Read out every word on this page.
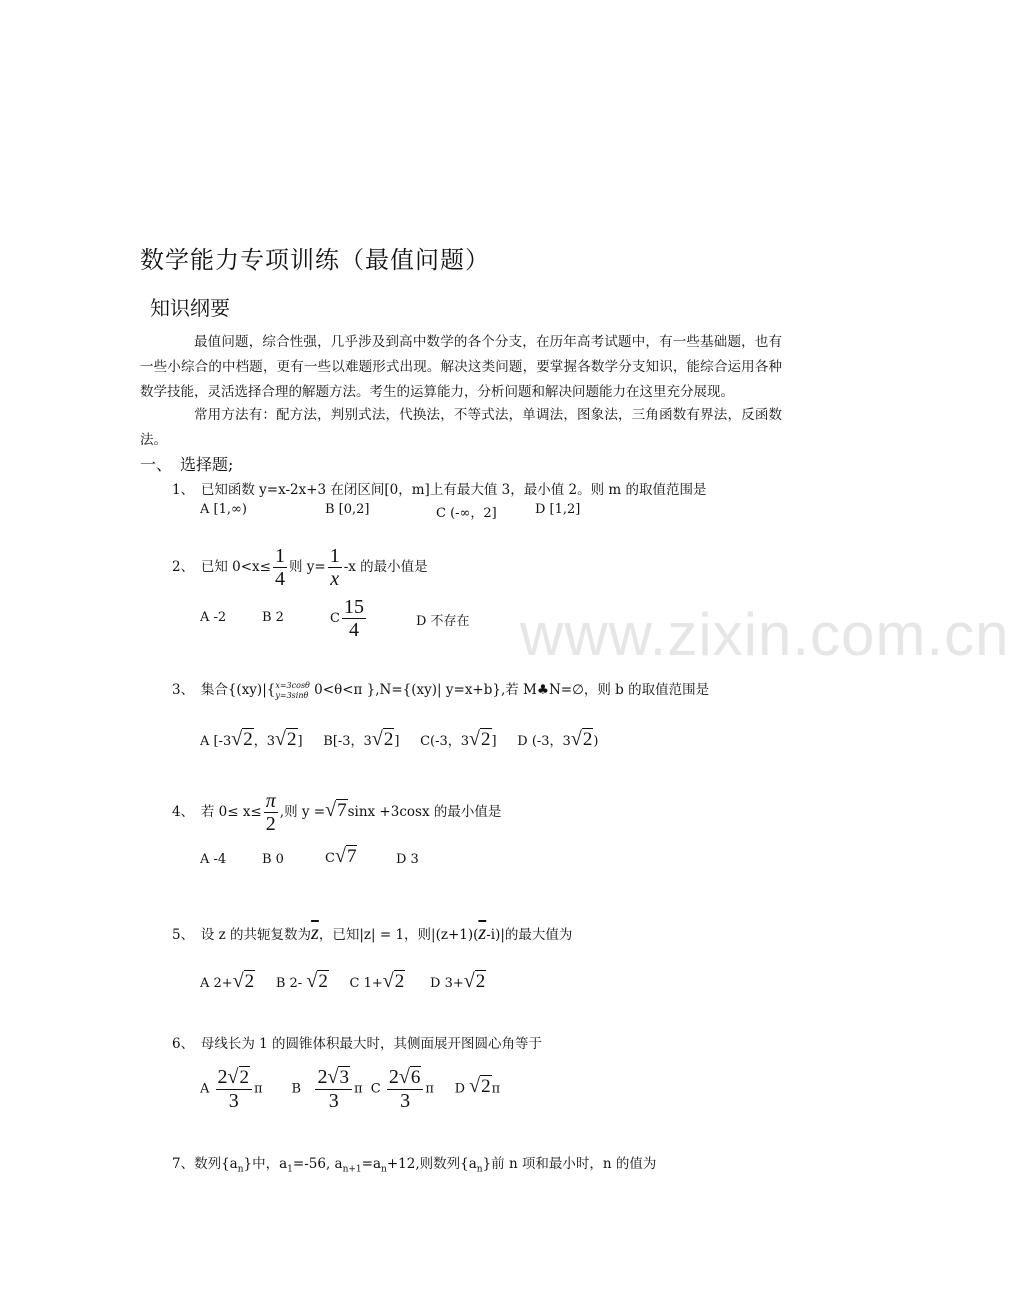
www.zixin.com.cn
数学能力专项训练（最值问题）
知识纲要
最值问题，综合性强，几乎涉及到高中数学的各个分支，在历年高考试题中，有一些基础题，也有一些小综合的中档题，更有一些以难题形式出现。解决这类问题，要掌握各数学分支知识，能综合运用各种数学技能，灵活选择合理的解题方法。考生的运算能力，分析问题和解决问题能力在这里充分展现。
常用方法有：配方法，判别式法，代换法，不等式法，单调法，图象法，三角函数有界法，反函数法。
一、　选择题;
1、　已知函数 y=x-2x+3 在闭区间[0，m]上有最大值 3，最小值 2。则 m 的取值范围是
A [1,∞)	B [0,2]	C (-∞，2]	D [1,2]
2、　已知 $0<x\le \frac{1}{4}$ 则 $y= \frac{1}{x} -x$ 的最小值是
A -2	B 2	C $\frac{15}{4}$	D 不存在
3、　集合{(xy)|{ x=3cosθ
y=3sinθ 0<θ<π },N={(xy)| y=x+b},若 M♣N=∅，则 b 的取值范围是
A [-3√2，3√2] B[-3，3√2] C(-3，3√2] D (-3，3√2)
4、　若 $0\le x\le \frac{\pi}{2}$ ,则 y =√7sinx +3cosx 的最小值是
A -4	B 0	C√7	D 3
5、　设 z 的共轭复数为$\overline{z}$，已知|z| = 1，则$|(z+1)(\overline{z}-i)|$的最大值为
A 2+√2 B 2- √2 C 1+√2 D 3+√2
6、　母线长为 1 的圆锥体积最大时，其侧面展开图圆心角等于
A $\frac{2√2}{3}$ π B $\frac{2√3}{3}$ π C $\frac{2√6}{3}$ π D √2π
7、数列$\{a_n\}$中，$a_1=-56$, $a_{n+1}=a_n+12$,则数列$\{a_n\}$前 n 项和最小时，n 的值为
